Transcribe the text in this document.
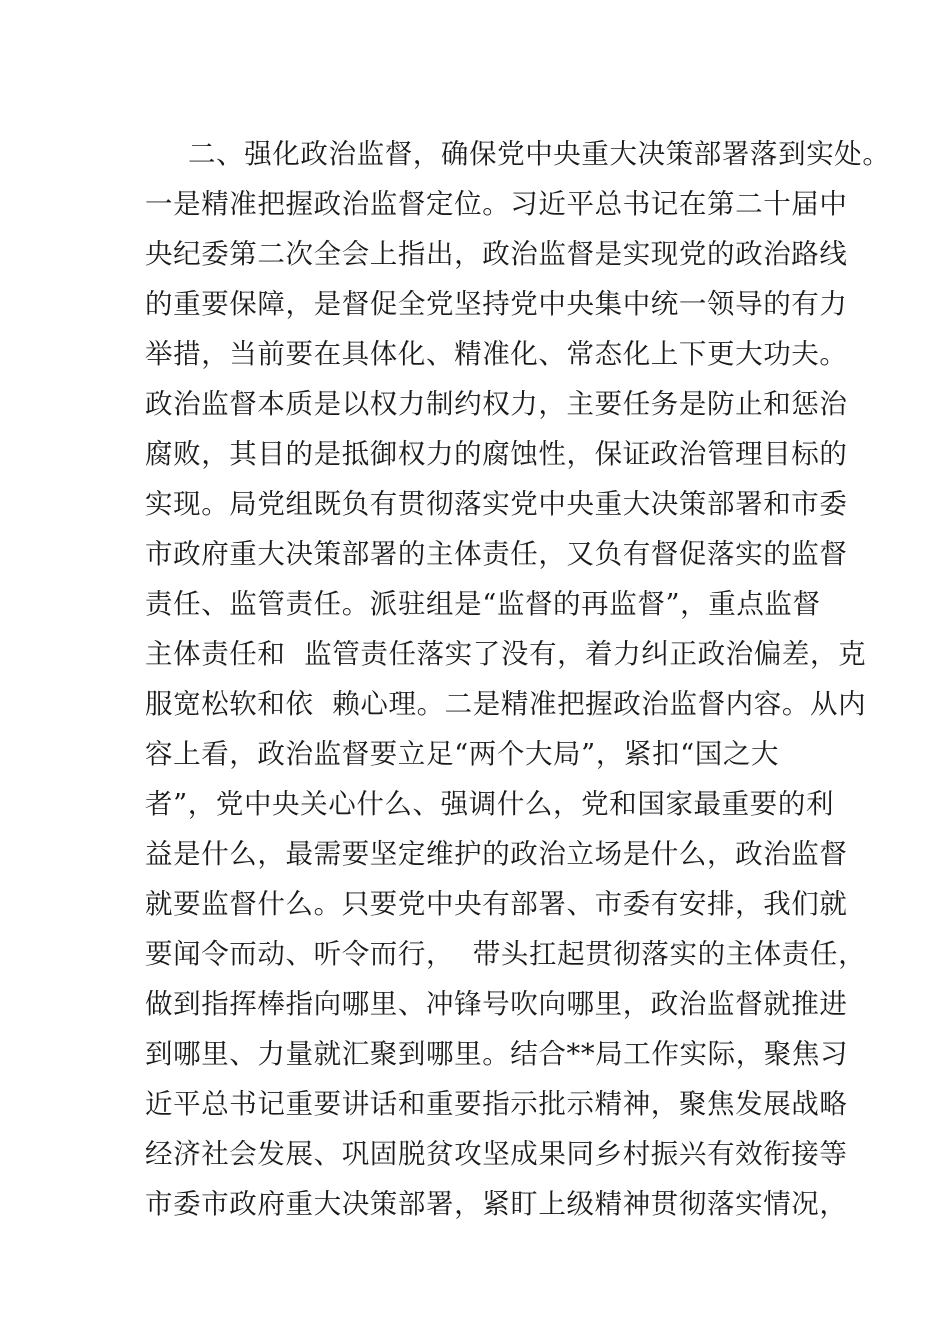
二、强化政治监督，确保党中央重大决策部署落到实处。
一是精准把握政治监督定位。习近平总书记在第二十届中
央纪委第二次全会上指出，政治监督是实现党的政治路线
的重要保障，是督促全党坚持党中央集中统一领导的有力
举措，当前要在具体化、精准化、常态化上下更大功夫。
政治监督本质是以权力制约权力，主要任务是防止和惩治
腐败，其目的是抵御权力的腐蚀性，保证政治管理目标的
实现。局党组既负有贯彻落实党中央重大决策部署和市委
市政府重大决策部署的主体责任，又负有督促落实的监督
责任、监管责任。派驻组是“监督的再监督”，重点监督
主体责任和  监管责任落实了没有，着力纠正政治偏差，克
服宽松软和依  赖心理。二是精准把握政治监督内容。从内
容上看，政治监督要立足“两个大局”，紧扣“国之大
者”，党中央关心什么、强调什么，党和国家最重要的利
益是什么，最需要坚定维护的政治立场是什么，政治监督
就要监督什么。只要党中央有部署、市委有安排，我们就
要闻令而动、听令而行，  带头扛起贯彻落实的主体责任，
做到指挥棒指向哪里、冲锋号吹向哪里，政治监督就推进
到哪里、力量就汇聚到哪里。结合**局工作实际，聚焦习
近平总书记重要讲话和重要指示批示精神，聚焦发展战略
经济社会发展、巩固脱贫攻坚成果同乡村振兴有效衔接等
市委市政府重大决策部署，紧盯上级精神贯彻落实情况，
